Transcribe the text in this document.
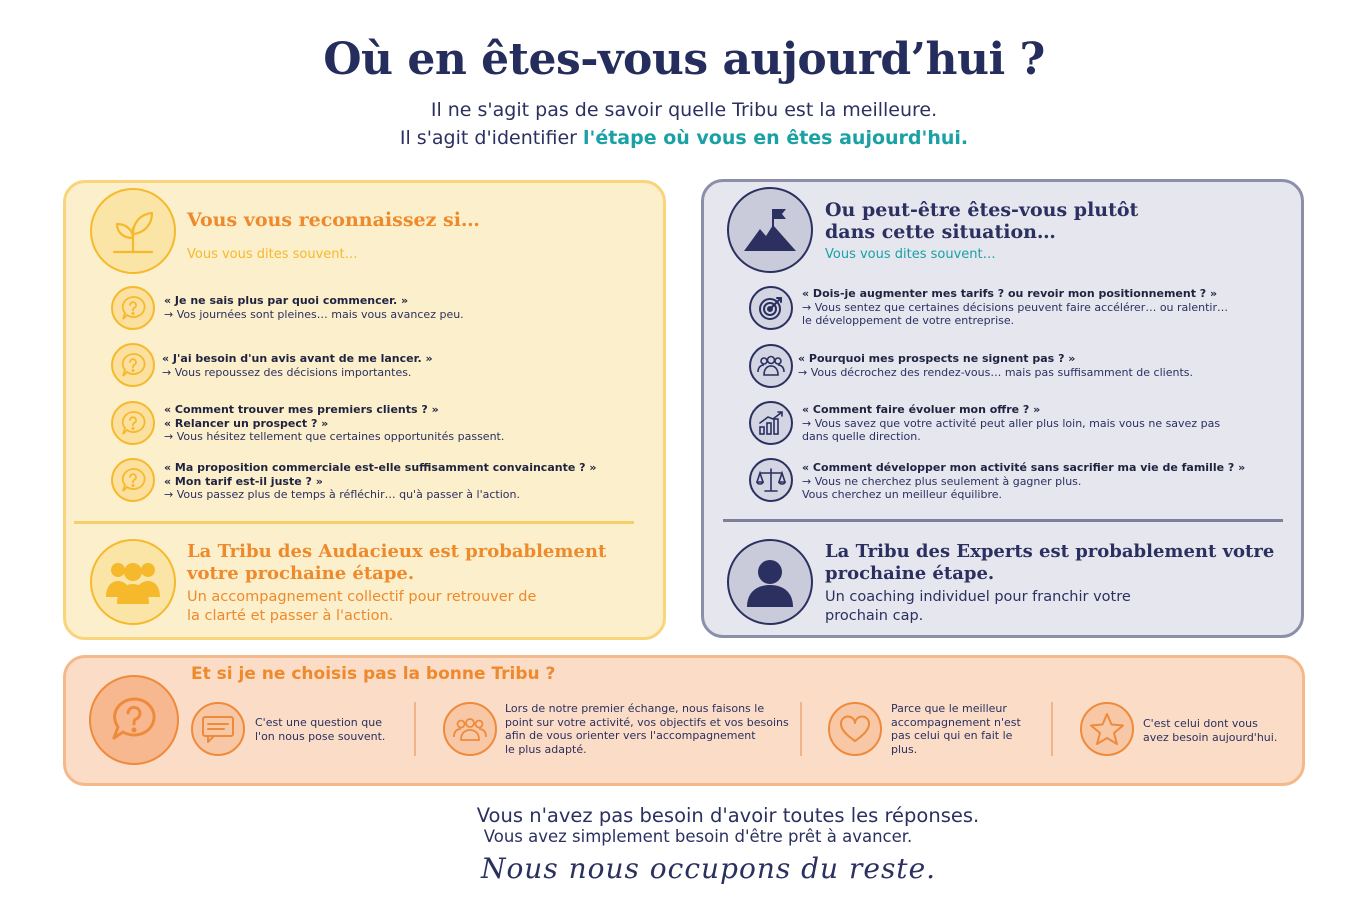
Où en êtes-vous aujourd’hui ?
Il ne s'agit pas de savoir quelle Tribu est la meilleure.
Il s'agit d'identifier l'étape où vous en êtes aujourd'hui.
Vous vous reconnaissez si…
Vous vous dites souvent…
« Je ne sais plus par quoi commencer. »
→ Vos journées sont pleines… mais vous avancez peu.
« J'ai besoin d'un avis avant de me lancer. »
→ Vous repoussez des décisions importantes.
« Comment trouver mes premiers clients ? »
« Relancer un prospect ? »
→ Vous hésitez tellement que certaines opportunités passent.
« Ma proposition commerciale est-elle suffisamment convaincante ? »
« Mon tarif est-il juste ? »
→ Vous passez plus de temps à réfléchir… qu'à passer à l'action.
La Tribu des Audacieux est probablement
votre prochaine étape.
Un accompagnement collectif pour retrouver de
la clarté et passer à l'action.
Ou peut-être êtes-vous plutôt
dans cette situation…
Vous vous dites souvent…
« Dois-je augmenter mes tarifs ? ou revoir mon positionnement ? »
→ Vous sentez que certaines décisions peuvent faire accélérer… ou ralentir…
le développement de votre entreprise.
« Pourquoi mes prospects ne signent pas ? »
→ Vous décrochez des rendez-vous… mais pas suffisamment de clients.
« Comment faire évoluer mon offre ? »
→ Vous savez que votre activité peut aller plus loin, mais vous ne savez pas
dans quelle direction.
« Comment développer mon activité sans sacrifier ma vie de famille ? »
→ Vous ne cherchez plus seulement à gagner plus.
Vous cherchez un meilleur équilibre.
La Tribu des Experts est probablement votre
prochaine étape.
Un coaching individuel pour franchir votre
prochain cap.
Et si je ne choisis pas la bonne Tribu ?
C'est une question que
l'on nous pose souvent.
Lors de notre premier échange, nous faisons le
point sur votre activité, vos objectifs et vos besoins
afin de vous orienter vers l'accompagnement
le plus adapté.
Parce que le meilleur
accompagnement n'est
pas celui qui en fait le
plus.
C'est celui dont vous
avez besoin aujourd'hui.
Vous n'avez pas besoin d'avoir toutes les réponses.
Vous avez simplement besoin d'être prêt à avancer.
Nous nous occupons du reste.
